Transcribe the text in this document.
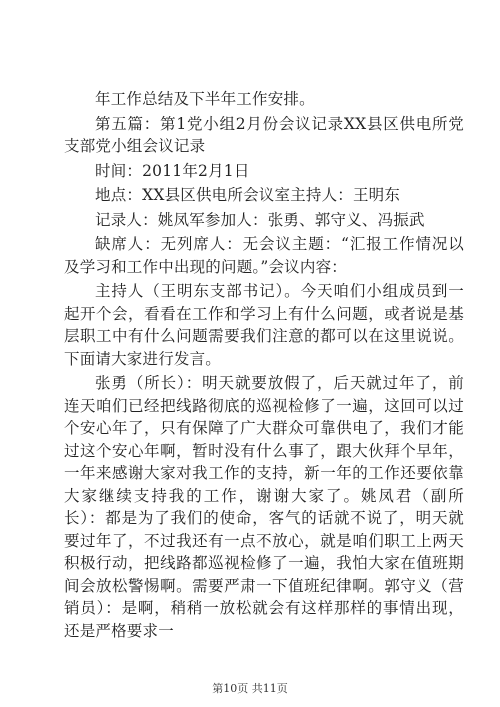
年工作总结及下半年工作安排。

第五篇：第1党小组2月份会议记录XX县区供电所党支部党小组会议记录

时间：2011年2月1日

地点：XX县区供电所会议室主持人：王明东

记录人：姚凤军参加人：张勇、郭守义、冯振武

缺席人：无列席人：无会议主题：“汇报工作情况以及学习和工作中出现的问题。”会议内容：

主持人（王明东支部书记）。今天咱们小组成员到一起开个会，看看在工作和学习上有什么问题，或者说是基层职工中有什么问题需要我们注意的都可以在这里说说。下面请大家进行发言。

张勇（所长）：明天就要放假了，后天就过年了，前连天咱们已经把线路彻底的巡视检修了一遍，这回可以过个安心年了，只有保障了广大群众可靠供电了，我们才能过这个安心年啊，暂时没有什么事了，跟大伙拜个早年，一年来感谢大家对我工作的支持，新一年的工作还要依靠大家继续支持我的工作，谢谢大家了。姚凤君（副所长）：都是为了我们的使命，客气的话就不说了，明天就要过年了，不过我还有一点不放心，就是咱们职工上两天积极行动，把线路都巡视检修了一遍，我怕大家在值班期间会放松警惕啊。需要严肃一下值班纪律啊。郭守义（营销员）：是啊，稍稍一放松就会有这样那样的事情出现，还是严格要求一

第10页 共11页
